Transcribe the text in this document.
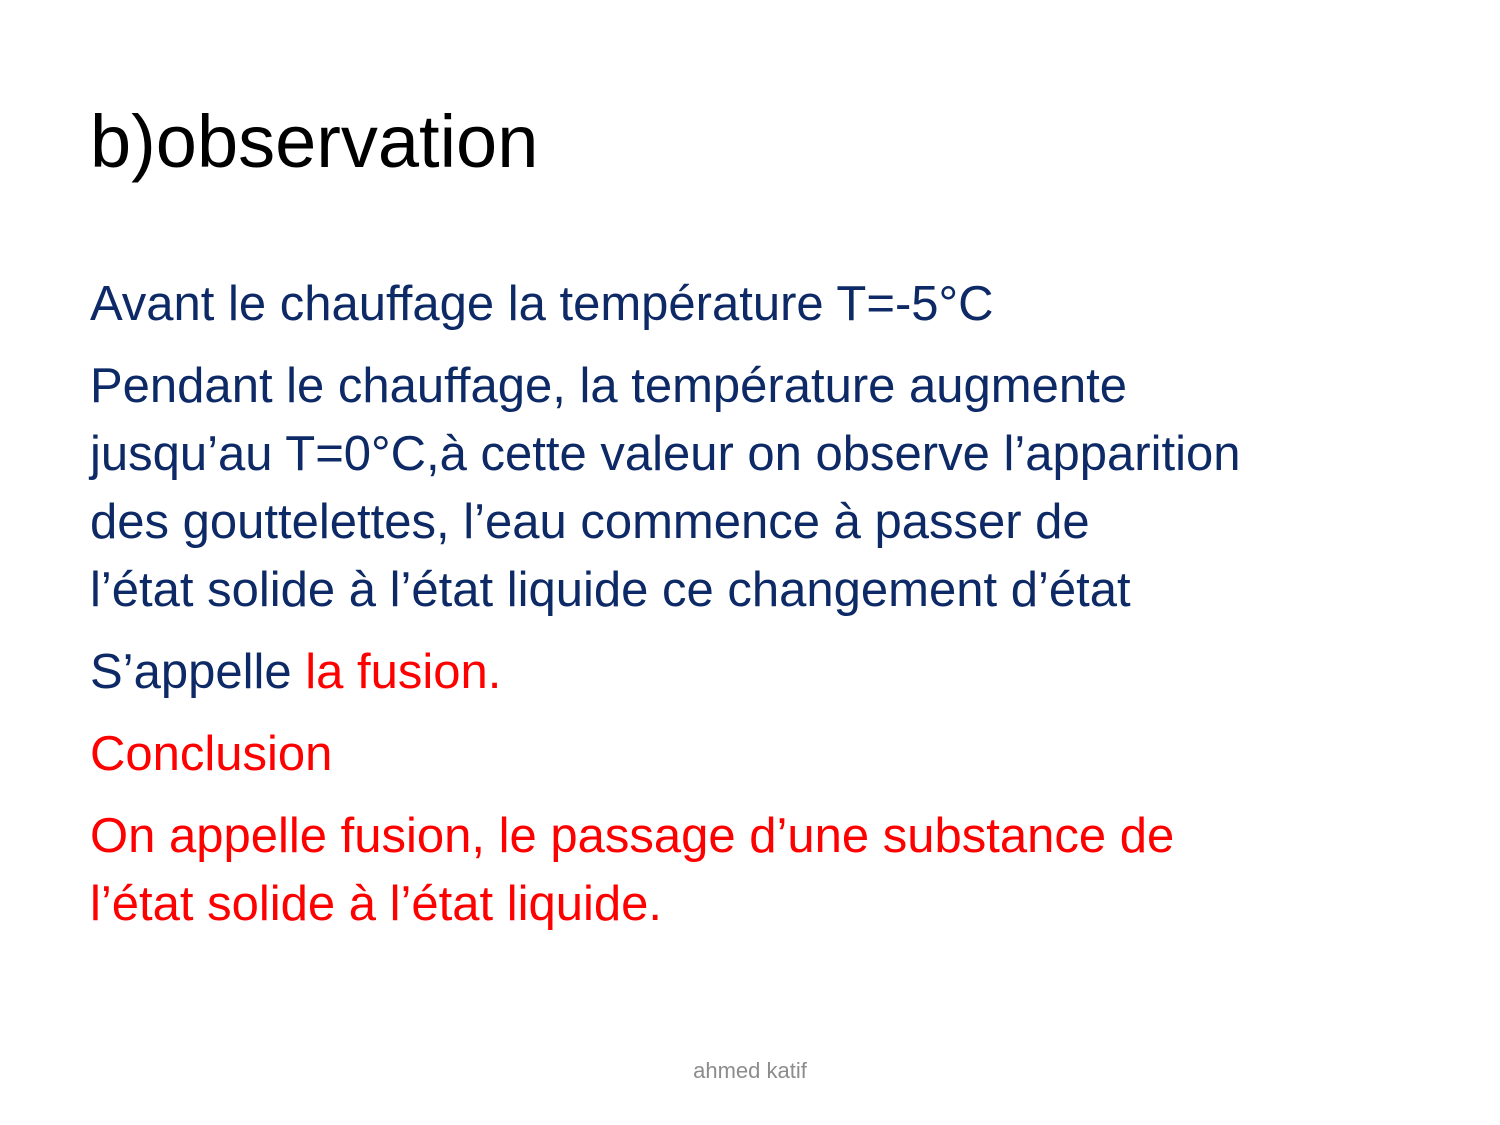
b)observation

Avant le chauffage la température T=-5°C

Pendant le chauffage, la température augmente
jusqu’au T=0°C,à cette valeur on observe l’apparition
des gouttelettes, l’eau commence à passer de
l’état solide à l’état liquide ce changement d’état

S’appelle la fusion.

Conclusion

On appelle fusion, le passage d’une substance de
l’état solide à l’état liquide.

ahmed katif
